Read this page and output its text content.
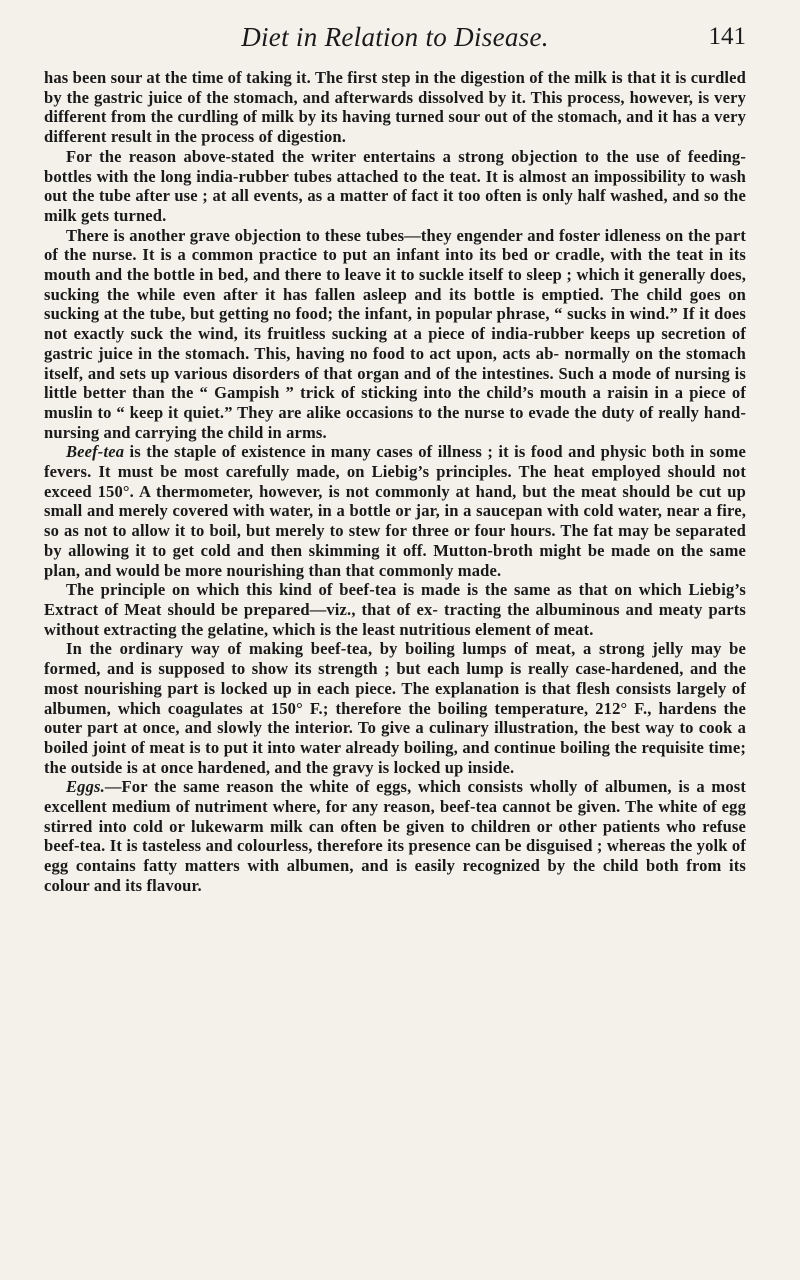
Diet in Relation to Disease.	141

has been sour at the time of taking it. The first step in the digestion of the milk is that it is curdled by the gastric juice of the stomach, and afterwards dissolved by it. This process, however, is very different from the curdling of milk by its having turned sour out of the stomach, and it has a very different result in the process of digestion.

For the reason above-stated the writer entertains a strong objection to the use of feeding-bottles with the long india-rubber tubes attached to the teat. It is almost an impossibility to wash out the tube after use ; at all events, as a matter of fact it too often is only half washed, and so the milk gets turned.

There is another grave objection to these tubes—they engender and foster idleness on the part of the nurse. It is a common practice to put an infant into its bed or cradle, with the teat in its mouth and the bottle in bed, and there to leave it to suckle itself to sleep ; which it generally does, sucking the while even after it has fallen asleep and its bottle is emptied. The child goes on sucking at the tube, but getting no food; the infant, in popular phrase, “ sucks in wind.” If it does not exactly suck the wind, its fruitless sucking at a piece of india-rubber keeps up secretion of gastric juice in the stomach. This, having no food to act upon, acts ab- normally on the stomach itself, and sets up various disorders of that organ and of the intestines. Such a mode of nursing is little better than the “ Gampish ” trick of sticking into the child’s mouth a raisin in a piece of muslin to “ keep it quiet.” They are alike occasions to the nurse to evade the duty of really hand-nursing and carrying the child in arms.

Beef-tea is the staple of existence in many cases of illness ; it is food and physic both in some fevers. It must be most carefully made, on Liebig’s principles. The heat employed should not exceed 150°. A thermometer, however, is not commonly at hand, but the meat should be cut up small and merely covered with water, in a bottle or jar, in a saucepan with cold water, near a fire, so as not to allow it to boil, but merely to stew for three or four hours. The fat may be separated by allowing it to get cold and then skimming it off. Mutton-broth might be made on the same plan, and would be more nourishing than that commonly made.

The principle on which this kind of beef-tea is made is the same as that on which Liebig’s Extract of Meat should be prepared—viz., that of ex- tracting the albuminous and meaty parts without extracting the gelatine, which is the least nutritious element of meat.

In the ordinary way of making beef-tea, by boiling lumps of meat, a strong jelly may be formed, and is supposed to show its strength ; but each lump is really case-hardened, and the most nourishing part is locked up in each piece. The explanation is that flesh consists largely of albumen, which coagulates at 150° F.; therefore the boiling temperature, 212° F., hardens the outer part at once, and slowly the interior. To give a culinary illustration, the best way to cook a boiled joint of meat is to put it into water already boiling, and continue boiling the requisite time; the outside is at once hardened, and the gravy is locked up inside.

Eggs.—For the same reason the white of eggs, which consists wholly of albumen, is a most excellent medium of nutriment where, for any reason, beef-tea cannot be given. The white of egg stirred into cold or lukewarm milk can often be given to children or other patients who refuse beef-tea. It is tasteless and colourless, therefore its presence can be disguised ; whereas the yolk of egg contains fatty matters with albumen, and is easily recognized by the child both from its colour and its flavour.
